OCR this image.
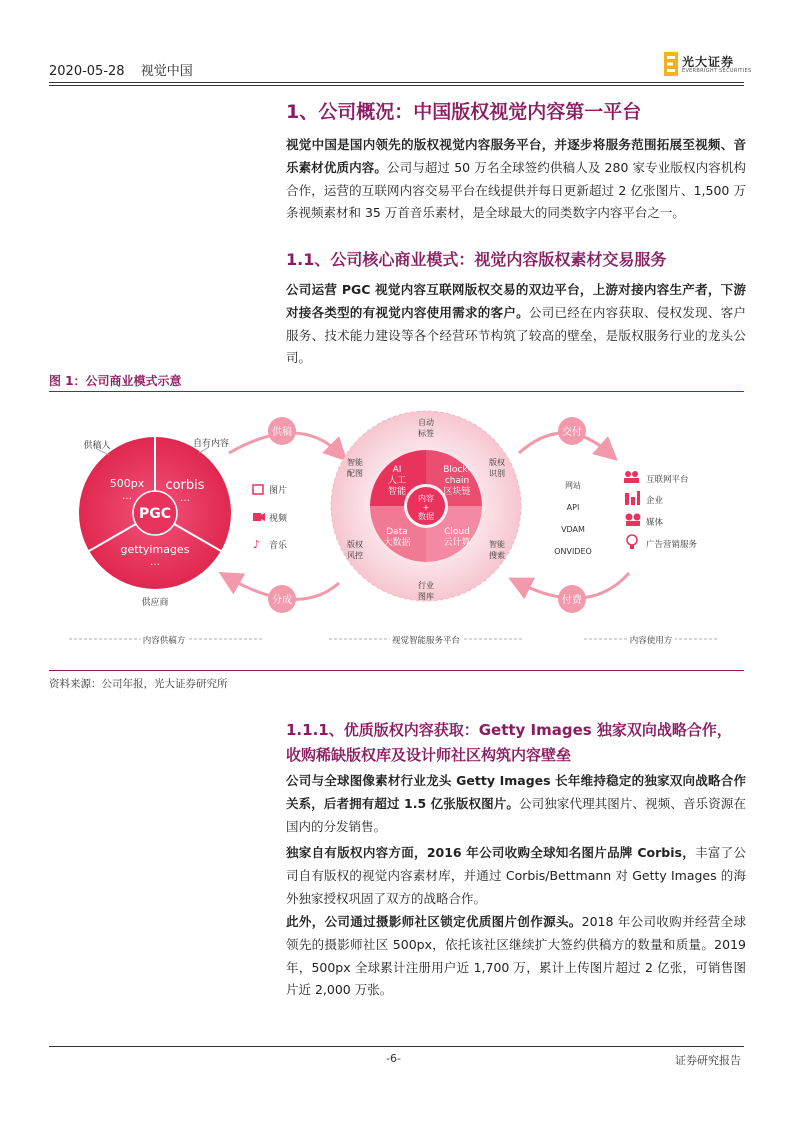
2020-05-28 视觉中国
光大证券
EVERBRIGHT SECURITIES
1、公司概况：中国版权视觉内容第一平台
视觉中国是国内领先的版权视觉内容服务平台，并逐步将服务范围拓展至视频、音乐素材优质内容。公司与超过 50 万名全球签约供稿人及 280 家专业版权内容机构合作，运营的互联网内容交易平台在线提供并每日更新超过 2 亿张图片、1,500 万条视频素材和 35 万首音乐素材，是全球最大的同类数字内容平台之一。
1.1、公司核心商业模式：视觉内容版权素材交易服务
公司运营 PGC 视觉内容互联网版权交易的双边平台，上游对接内容生产者，下游对接各类型的有视觉内容使用需求的客户。公司已经在内容获取、侵权发现、客户服务、技术能力建设等各个经营环节构筑了较高的壁垒，是版权服务行业的龙头公司。
图 1：公司商业模式示意
PGC
500px
…
corbis
…
gettyimages
…
供稿人	自有内容
供应商
图片
视频
♪ 音乐
供稿
分成
内容
+
数据
AI
人工
智能
Block-
chain
区块链
Data
大数据
Cloud
云计算
自动
标签
智能
配图
版权
识别
版权
风控
智能
搜索
行业
图库
交付
付费
网站
API
VDAM
ONVIDEO
互联网平台
企业
媒体
广告营销服务
内容供稿方	视觉智能服务平台	内容使用方
资料来源：公司年报，光大证券研究所
1.1.1、优质版权内容获取：Getty Images 独家双向战略合作，收购稀缺版权库及设计师社区构筑内容壁垒
公司与全球图像素材行业龙头 Getty Images 长年维持稳定的独家双向战略合作关系，后者拥有超过 1.5 亿张版权图片。公司独家代理其图片、视频、音乐资源在国内的分发销售。
独家自有版权内容方面，2016 年公司收购全球知名图片品牌 Corbis，丰富了公司自有版权的视觉内容素材库，并通过 Corbis/Bettmann 对 Getty Images 的海外独家授权巩固了双方的战略合作。
此外，公司通过摄影师社区锁定优质图片创作源头。2018 年公司收购并经营全球领先的摄影师社区 500px，依托该社区继续扩大签约供稿方的数量和质量。2019 年，500px 全球累计注册用户近 1,700 万，累计上传图片超过 2 亿张，可销售图片近 2,000 万张。
-6-	证券研究报告
